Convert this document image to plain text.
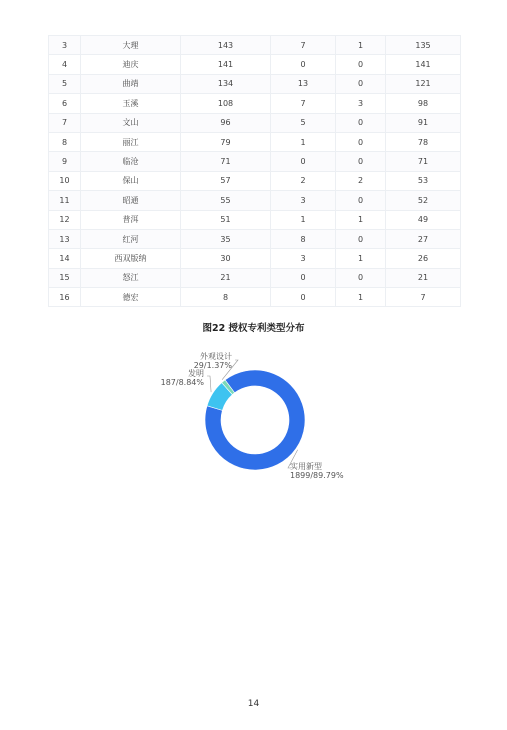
3	大理	143	7	1	135
4	迪庆	141	0	0	141
5	曲靖	134	13	0	121
6	玉溪	108	7	3	98
7	文山	96	5	0	91
8	丽江	79	1	0	78
9	临沧	71	0	0	71
10	保山	57	2	2	53
11	昭通	55	3	0	52
12	普洱	51	1	1	49
13	红河	35	8	0	27
14	西双版纳	30	3	1	26
15	怒江	21	0	0	21
16	德宏	8	0	1	7
图22 授权专利类型分布
实用新型
1899/89.79%
发明
187/8.84%
外观设计
29/1.37%
14
